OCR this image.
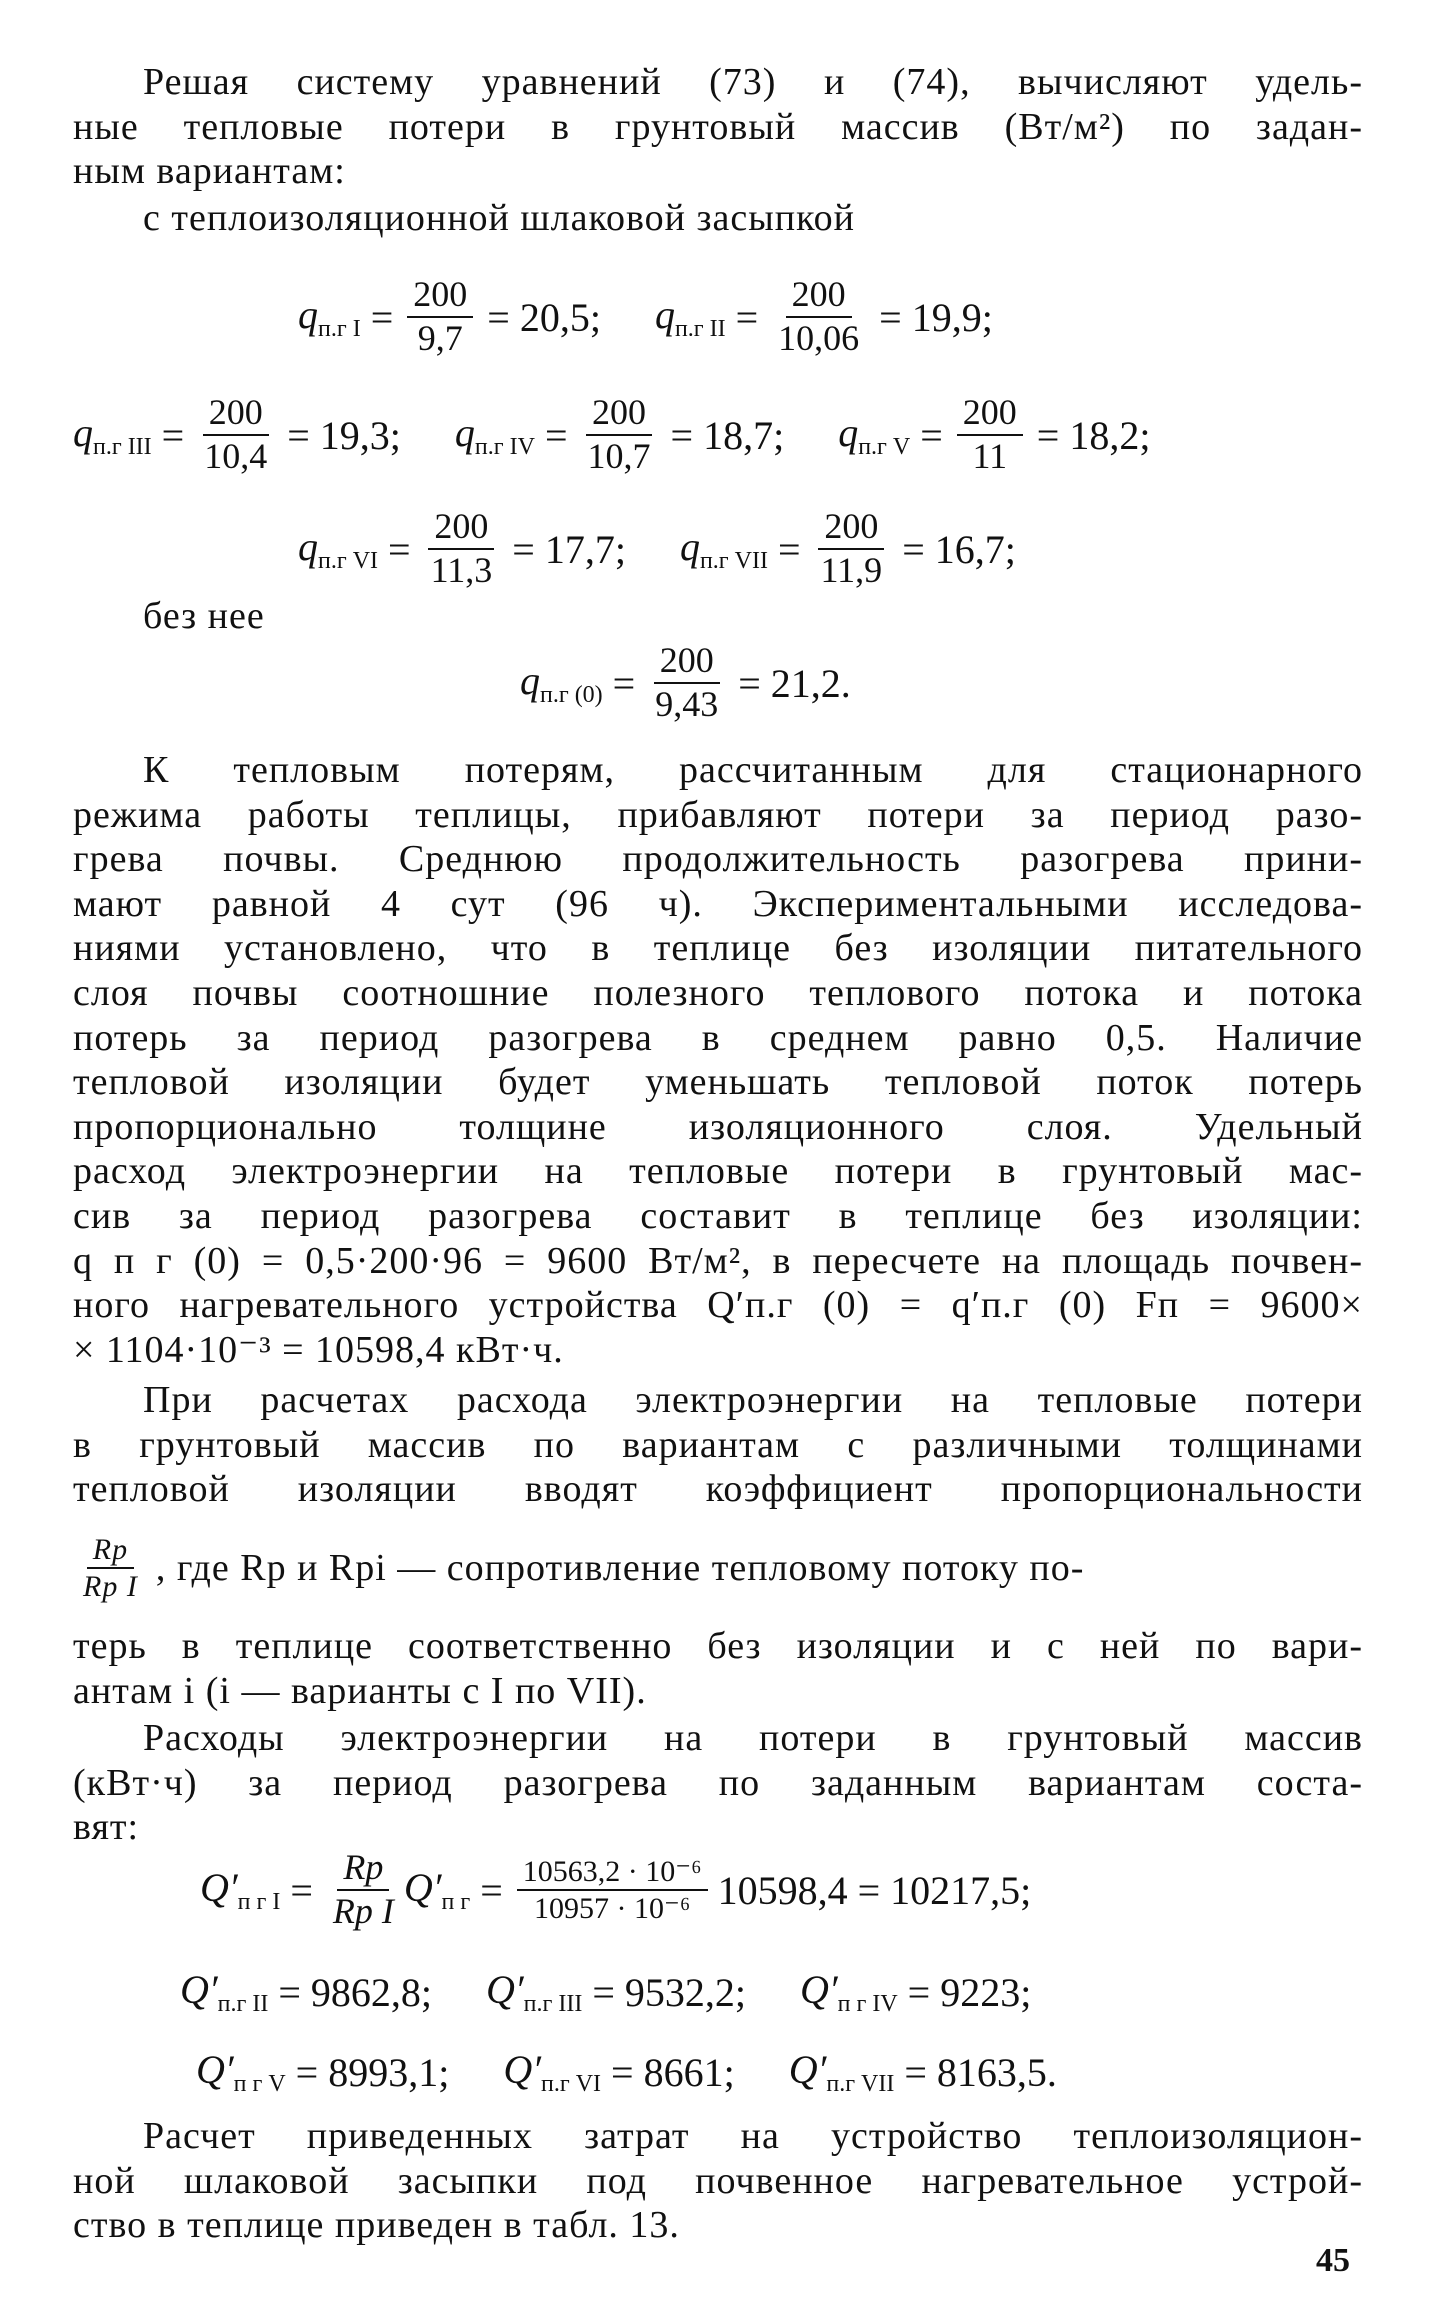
Решая систему уравнений (73) и (74), вычисляют удель-
ные тепловые потери в грунтовый массив (Вт/м²) по задан-
ным вариантам:
с теплоизоляционной шлаковой засыпкой
$q_{п.г I} = \frac{200}{9,7} = 20,5$; $q_{п.г II} = \frac{200}{10,06} = 19,9$;
$q_{п.г III} = \frac{200}{10,4} = 19,3$; $q_{п.г IV} = \frac{200}{10,7} = 18,7$; $q_{п.г V} = \frac{200}{11} = 18,2$;
$q_{п.г VI} = \frac{200}{11,3} = 17,7$; $q_{п.г VII} = \frac{200}{11,9} = 16,7$;
без нее
$q_{п.г (0)} = \frac{200}{9,43} = 21,2$.
К тепловым потерям, рассчитанным для стационарного
режима работы теплицы, прибавляют потери за период разо-
грева почвы. Среднюю продолжительность разогрева прини-
мают равной 4 сут (96 ч). Экспериментальными исследова-
ниями установлено, что в теплице без изоляции питательного
слоя почвы соотношние полезного теплового потока и потока
потерь за период разогрева в среднем равно 0,5. Наличие
тепловой изоляции будет уменьшать тепловой поток потерь
пропорционально толщине изоляционного слоя. Удельный
расход электроэнергии на тепловые потери в грунтовый мас-
сив за период разогрева составит в теплице без изоляции:
q п г (0) = 0,5·200·96 = 9600 Вт/м², в пересчете на площадь почвен-
ного нагревательного устройства Q′п.г (0) = q′п.г (0) Fп = 9600×
× 1104·10⁻³ = 10598,4 кВт·ч.
При расчетах расхода электроэнергии на тепловые потери
в грунтовый массив по вариантам с различными толщинами
тепловой изоляции вводят коэффициент пропорциональности
$\frac{Rр}{\text{Rр I}}$ , где Rр и Rрi — сопротивление тепловому потоку по-
терь в теплице соответственно без изоляции и с ней по вари-
антам i (i — варианты с I по VII).
Расходы электроэнергии на потери в грунтовый массив
(кВт·ч) за период разогрева по заданным вариантам соста-
вят:
$Q'_{п г I} = \frac{Rр}{\text{Rр I}} Q'_{п г} = \frac{\text{10563,2 · 10⁻⁶}}{\text{10957 · 10⁻⁶}} 10598,4 = 10217,5$;
$Q'_{п.г II} = 9862,8$; $Q'_{п.г III} = 9532,2$; $Q'_{п г IV} = 9223$;
$Q'_{п г V} = 8993,1$; $Q'_{п.г VI} = 8661$; $Q'_{п.г VII} = 8163,5$.
Расчет приведенных затрат на устройство теплоизоляцион-
ной шлаковой засыпки под почвенное нагревательное устрой-
ство в теплице приведен в табл. 13.
45
